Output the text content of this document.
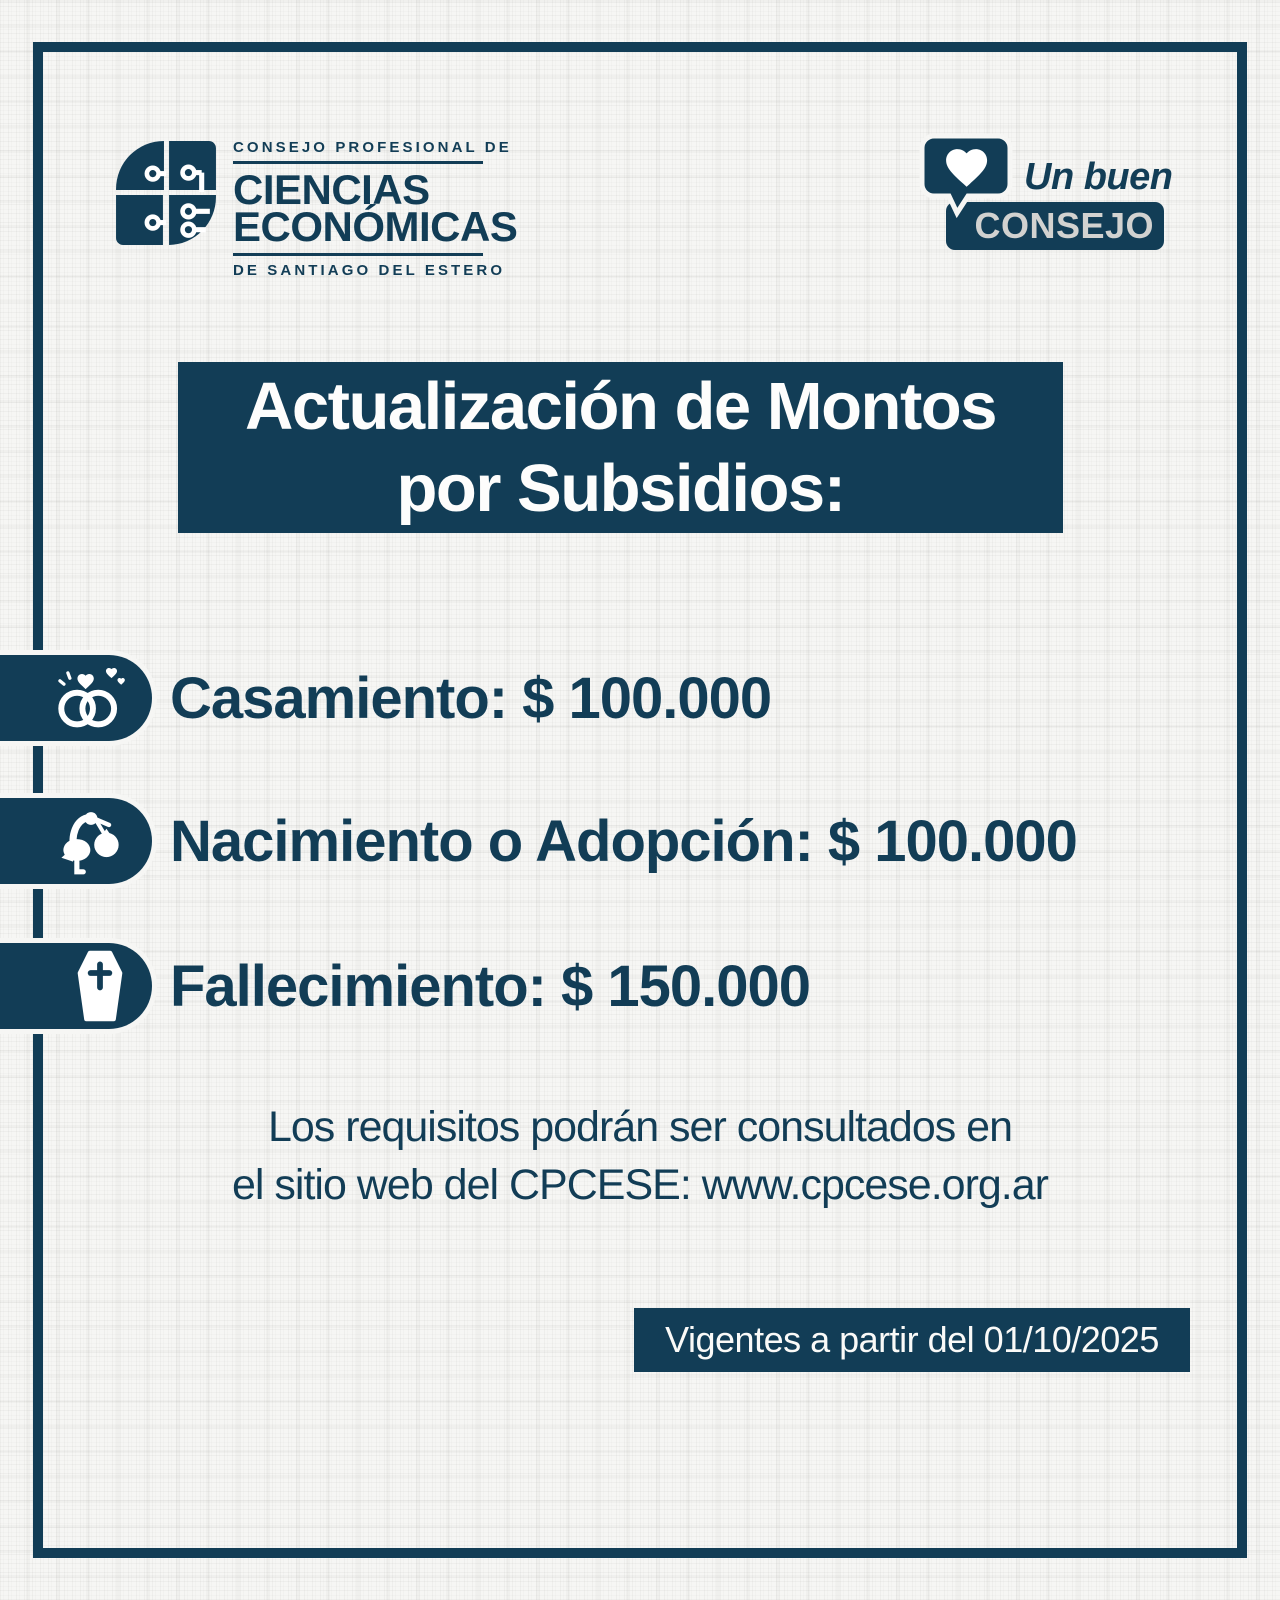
CONSEJO PROFESIONAL DE
CIENCIAS
ECONÓMICAS
DE SANTIAGO DEL ESTERO
CONSEJO
Un buen
Actualización de Montos
por Subsidios:
Casamiento: $ 100.000
Nacimiento o Adopción: $ 100.000
Fallecimiento: $ 150.000
Los requisitos podrán ser consultados en
el sitio web del CPCESE: www.cpcese.org.ar
Vigentes a partir del 01/10/2025
